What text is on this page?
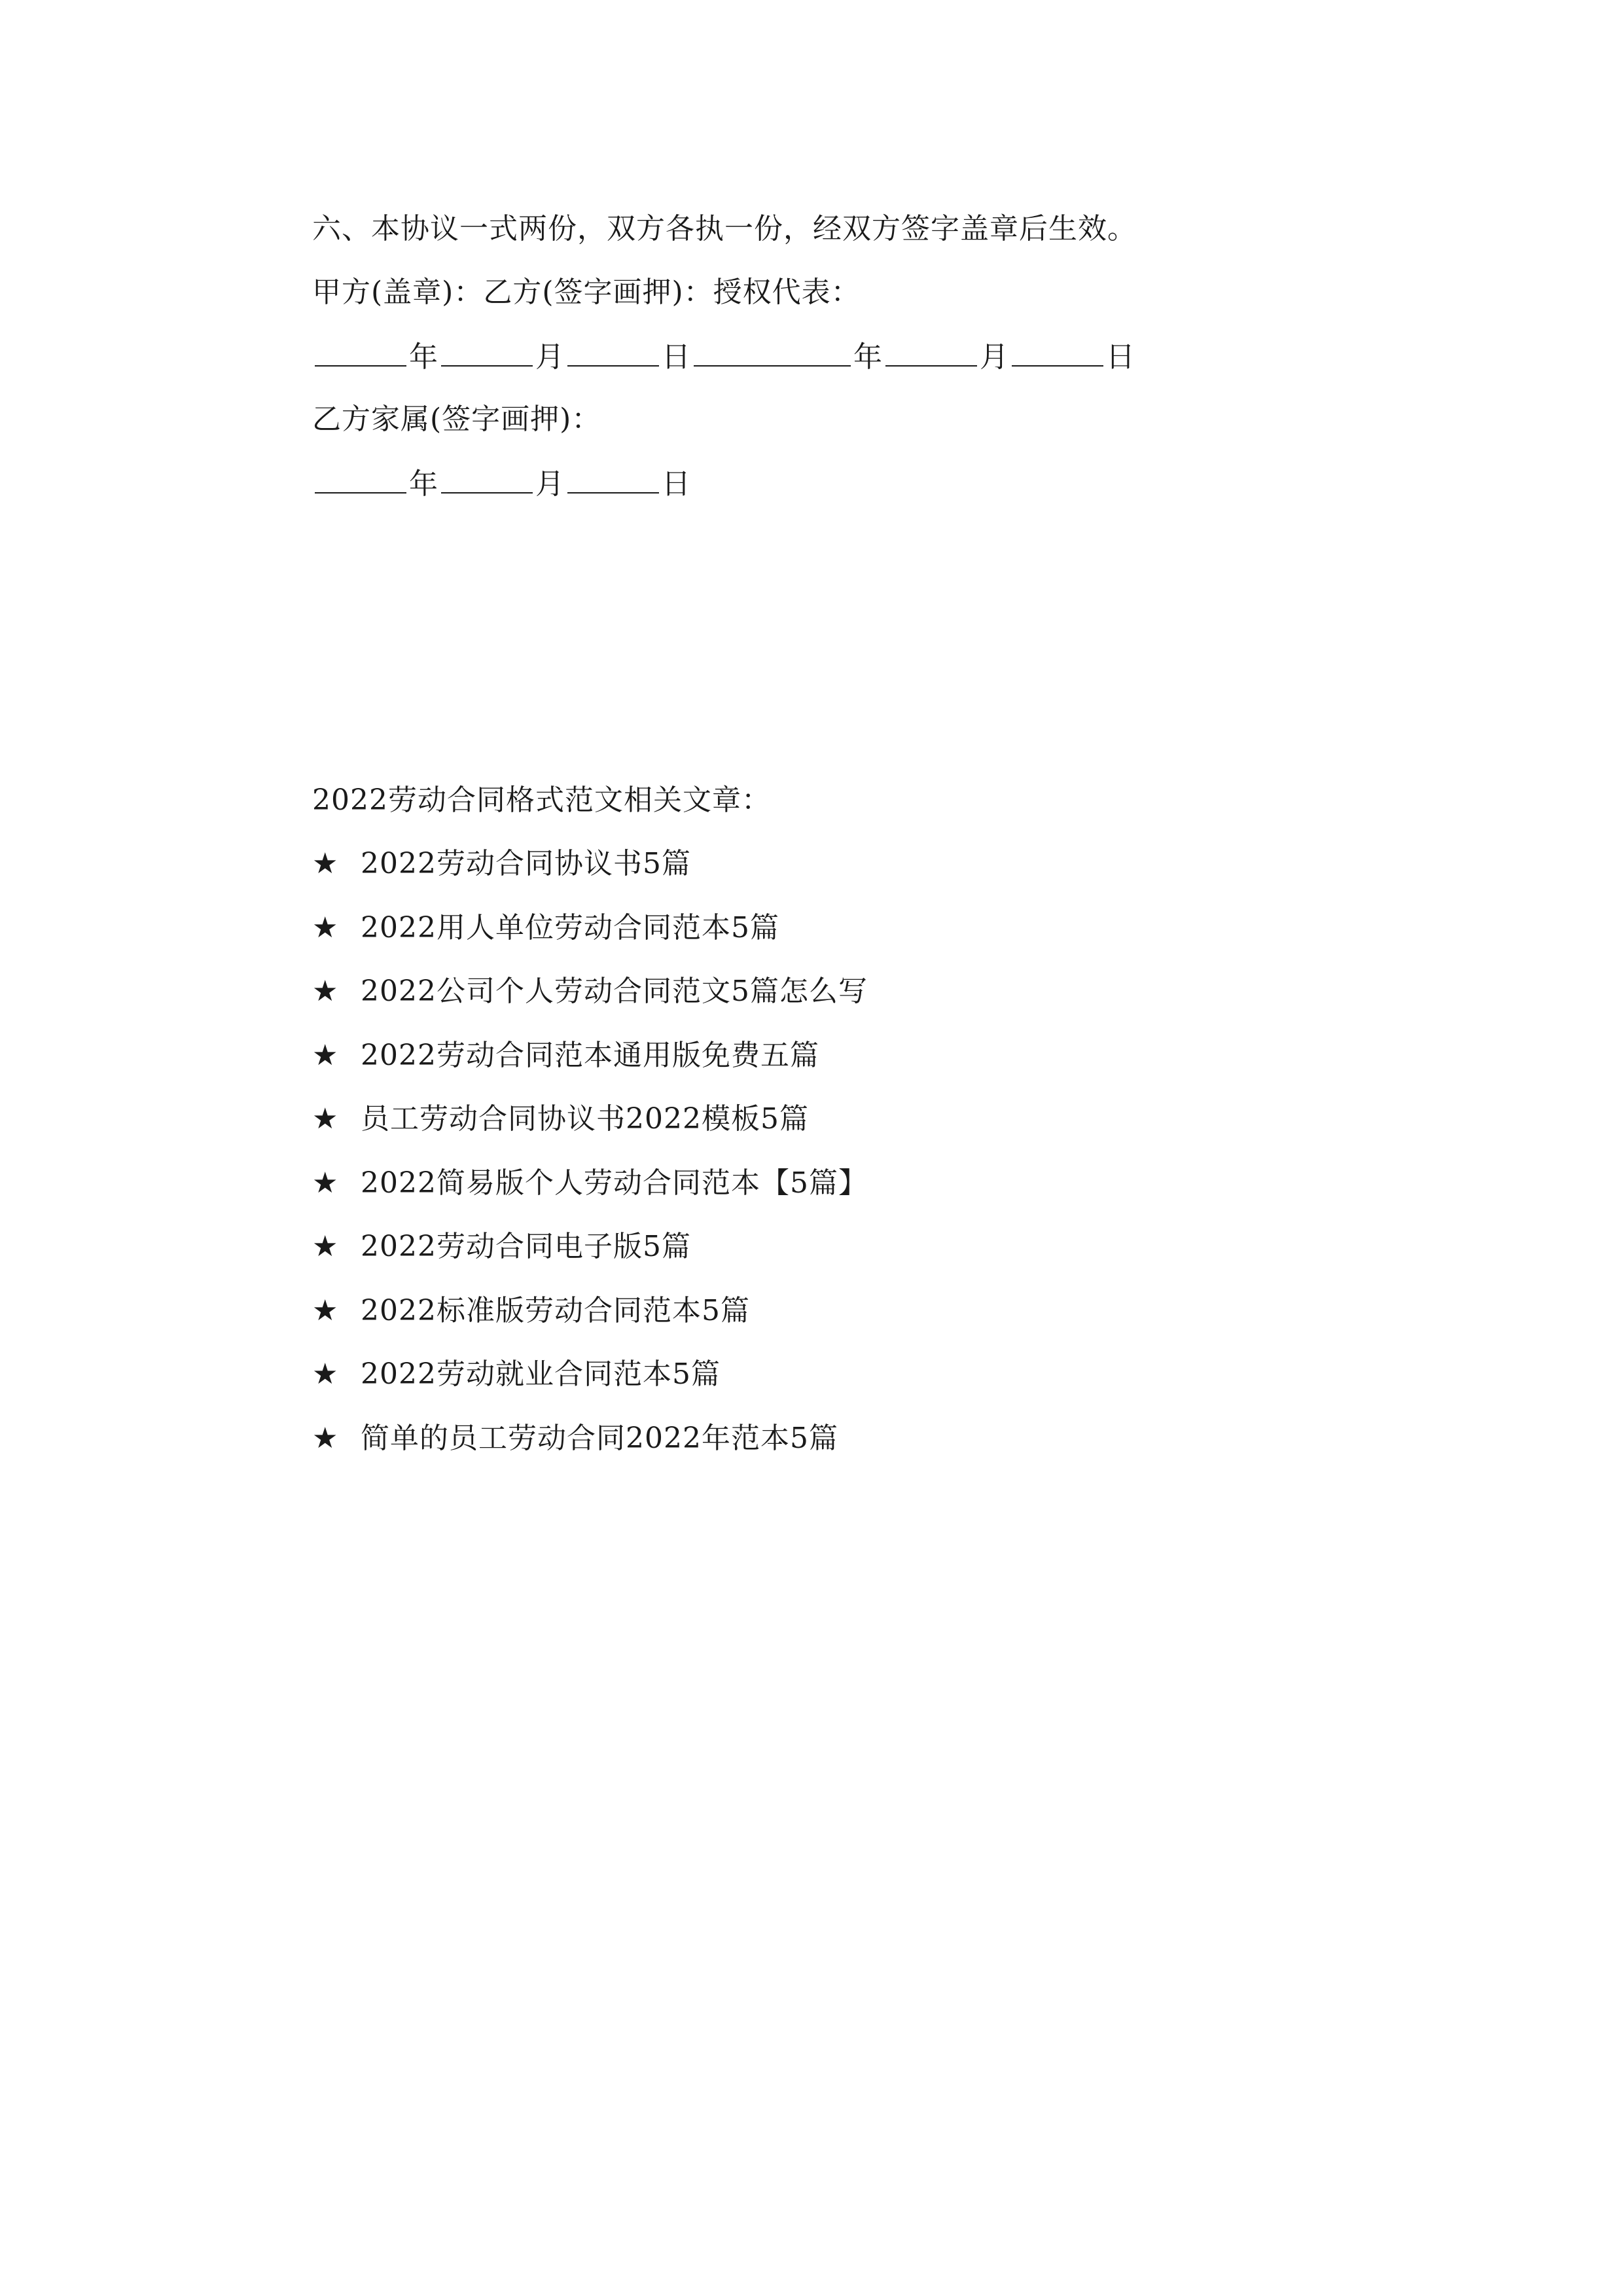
六、本协议一式两份，双方各执一份，经双方签字盖章后生效。
甲方(盖章)：乙方(签字画押)：授权代表：
年	月	日	年	月	日
乙方家属(签字画押)：
年	月	日
2022劳动合同格式范文相关文章：
★ 2022劳动合同协议书5篇
★ 2022用人单位劳动合同范本5篇
★ 2022公司个人劳动合同范文5篇怎么写
★ 2022劳动合同范本通用版免费五篇
★ 员工劳动合同协议书2022模板5篇
★ 2022简易版个人劳动合同范本【5篇】
★ 2022劳动合同电子版5篇
★ 2022标准版劳动合同范本5篇
★ 2022劳动就业合同范本5篇
★ 简单的员工劳动合同2022年范本5篇
